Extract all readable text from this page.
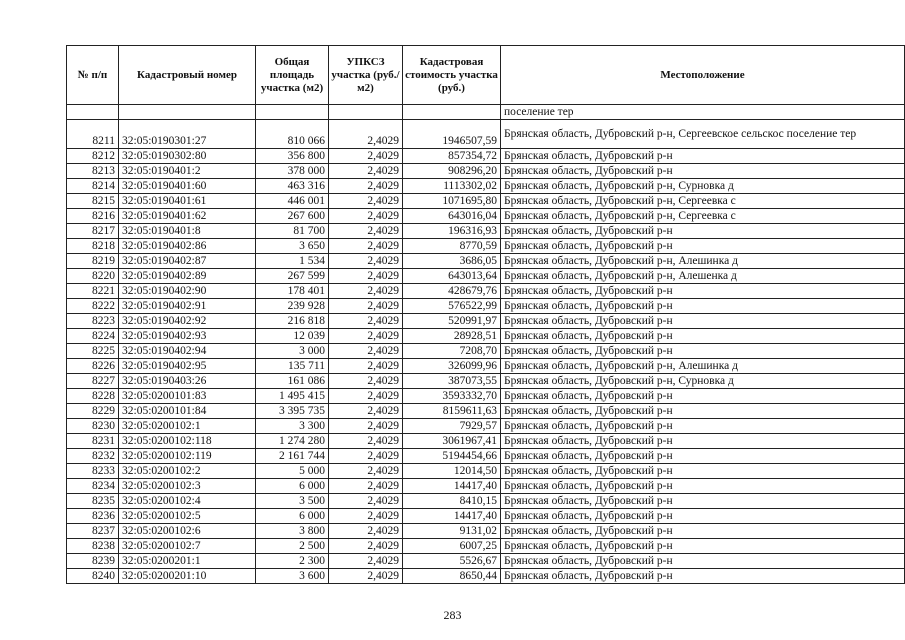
№ п/п	Кадастровый номер	Общая площадь участка (м2)	УПКСЗ участка (руб./м2)	Кадастровая стоимость участка (руб.)	Местоположение
					поселение тер
8211	32:05:0190301:27	810 066	2,4029	1946507,59	Брянская область, Дубровский р-н, Сергеевское сельскос поселение тер
8212	32:05:0190302:80	356 800	2,4029	857354,72	Брянская область, Дубровский р-н
8213	32:05:0190401:2	378 000	2,4029	908296,20	Брянская область, Дубровский р-н
8214	32:05:0190401:60	463 316	2,4029	1113302,02	Брянская область, Дубровский р-н, Сурновка д
8215	32:05:0190401:61	446 001	2,4029	1071695,80	Брянская область, Дубровский р-н, Сергеевка с
8216	32:05:0190401:62	267 600	2,4029	643016,04	Брянская область, Дубровский р-н, Сергеевка с
8217	32:05:0190401:8	81 700	2,4029	196316,93	Брянская область, Дубровский р-н
8218	32:05:0190402:86	3 650	2,4029	8770,59	Брянская область, Дубровский р-н
8219	32:05:0190402:87	1 534	2,4029	3686,05	Брянская область, Дубровский р-н, Алешинка д
8220	32:05:0190402:89	267 599	2,4029	643013,64	Брянская область, Дубровский р-н, Алешенка д
8221	32:05:0190402:90	178 401	2,4029	428679,76	Брянская область, Дубровский р-н
8222	32:05:0190402:91	239 928	2,4029	576522,99	Брянская область, Дубровский р-н
8223	32:05:0190402:92	216 818	2,4029	520991,97	Брянская область, Дубровский р-н
8224	32:05:0190402:93	12 039	2,4029	28928,51	Брянская область, Дубровский р-н
8225	32:05:0190402:94	3 000	2,4029	7208,70	Брянская область, Дубровский р-н
8226	32:05:0190402:95	135 711	2,4029	326099,96	Брянская область, Дубровский р-н, Алешинка д
8227	32:05:0190403:26	161 086	2,4029	387073,55	Брянская область, Дубровский р-н, Сурновка д
8228	32:05:0200101:83	1 495 415	2,4029	3593332,70	Брянская область, Дубровский р-н
8229	32:05:0200101:84	3 395 735	2,4029	8159611,63	Брянская область, Дубровский р-н
8230	32:05:0200102:1	3 300	2,4029	7929,57	Брянская область, Дубровский р-н
8231	32:05:0200102:118	1 274 280	2,4029	3061967,41	Брянская область, Дубровский р-н
8232	32:05:0200102:119	2 161 744	2,4029	5194454,66	Брянская область, Дубровский р-н
8233	32:05:0200102:2	5 000	2,4029	12014,50	Брянская область, Дубровский р-н
8234	32:05:0200102:3	6 000	2,4029	14417,40	Брянская область, Дубровский р-н
8235	32:05:0200102:4	3 500	2,4029	8410,15	Брянская область, Дубровский р-н
8236	32:05:0200102:5	6 000	2,4029	14417,40	Брянская область, Дубровский р-н
8237	32:05:0200102:6	3 800	2,4029	9131,02	Брянская область, Дубровский р-н
8238	32:05:0200102:7	2 500	2,4029	6007,25	Брянская область, Дубровский р-н
8239	32:05:0200201:1	2 300	2,4029	5526,67	Брянская область, Дубровский р-н
8240	32:05:0200201:10	3 600	2,4029	8650,44	Брянская область, Дубровский р-н
283
